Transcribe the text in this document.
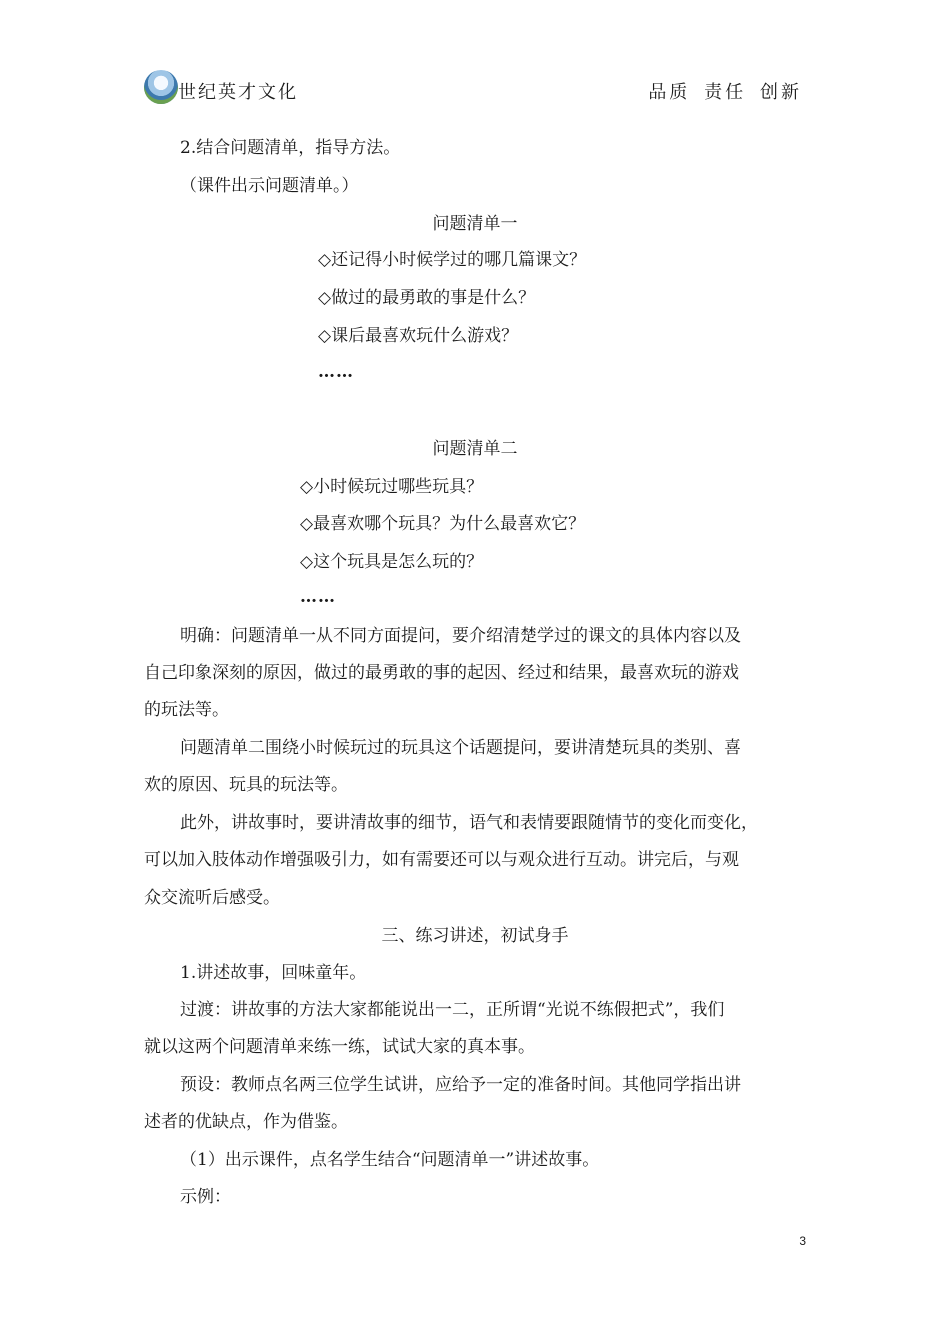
世纪英才文化	品质 责任 创新

2.结合问题清单，指导方法。

（课件出示问题清单。）

问题清单一

◇还记得小时候学过的哪几篇课文？

◇做过的最勇敢的事是什么？

◇课后最喜欢玩什么游戏？

……

问题清单二

◇小时候玩过哪些玩具？

◇最喜欢哪个玩具？为什么最喜欢它？

◇这个玩具是怎么玩的？

……

明确：问题清单一从不同方面提问，要介绍清楚学过的课文的具体内容以及

自己印象深刻的原因，做过的最勇敢的事的起因、经过和结果，最喜欢玩的游戏

的玩法等。

问题清单二围绕小时候玩过的玩具这个话题提问，要讲清楚玩具的类别、喜

欢的原因、玩具的玩法等。

此外，讲故事时，要讲清故事的细节，语气和表情要跟随情节的变化而变化，

可以加入肢体动作增强吸引力，如有需要还可以与观众进行互动。讲完后，与观

众交流听后感受。

三、练习讲述，初试身手

1.讲述故事，回味童年。

过渡：讲故事的方法大家都能说出一二，正所谓“光说不练假把式”，我们

就以这两个问题清单来练一练，试试大家的真本事。

预设：教师点名两三位学生试讲，应给予一定的准备时间。其他同学指出讲

述者的优缺点，作为借鉴。

（1）出示课件，点名学生结合“问题清单一”讲述故事。

示例：

3
